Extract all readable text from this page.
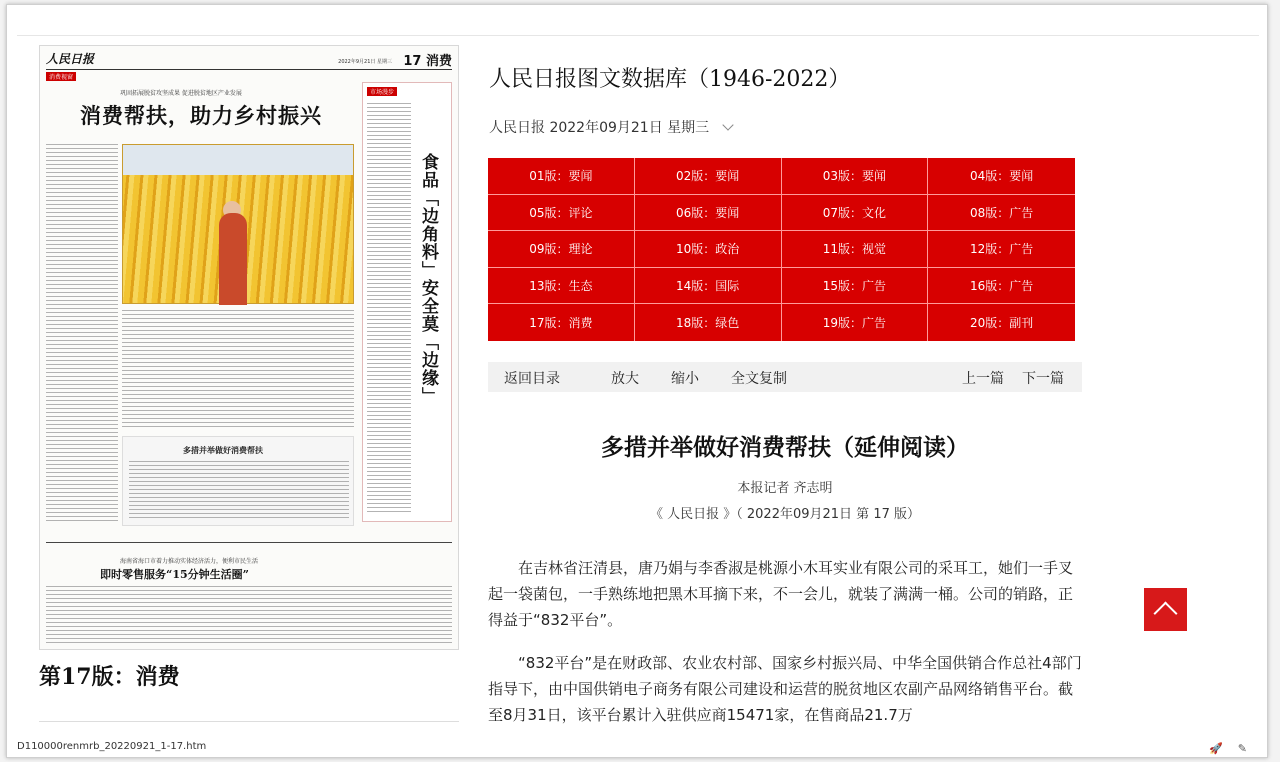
人民日报	2022年9月21日 星期三 17 消费
消费视窗
巩固拓展脱贫攻坚成果 促进脱贫地区产业发展
消费帮扶，助力乡村振兴
市场漫步
食品「边角料」安全莫「边缘」
多措并举做好消费帮扶
海南省海口市着力推动实体经济活力，便利市民生活
即时零售服务“15分钟生活圈”
第17版：消费
人民日报图文数据库（1946-2022）
人民日报 2022年09月21日 星期三
01版：要闻	02版：要闻	03版：要闻	04版：要闻
05版：评论	06版：要闻	07版：文化	08版：广告
09版：理论	10版：政治	11版：视觉	12版：广告
13版：生态	14版：国际	15版：广告	16版：广告
17版：消费	18版：绿色	19版：广告	20版：副刊
返回目录	放大 缩小 全文复制	上一篇 下一篇
多措并举做好消费帮扶（延伸阅读）
本报记者 齐志明
《 人民日报 》（ 2022年09月21日 第 17 版）

在吉林省汪清县，唐乃娟与李香淑是桃源小木耳实业有限公司的采耳工，她们一手叉起一袋菌包，一手熟练地把黑木耳摘下来，不一会儿，就装了满满一桶。公司的销路，正得益于“832平台”。

“832平台”是在财政部、农业农村部、国家乡村振兴局、中华全国供销合作总社4部门指导下，由中国供销电子商务有限公司建设和运营的脱贫地区农副产品网络销售平台。截至8月31日，该平台累计入驻供应商15471家，在售商品21.7万

D110000renmrb_20220921_1-17.htm	🚀 ✎
